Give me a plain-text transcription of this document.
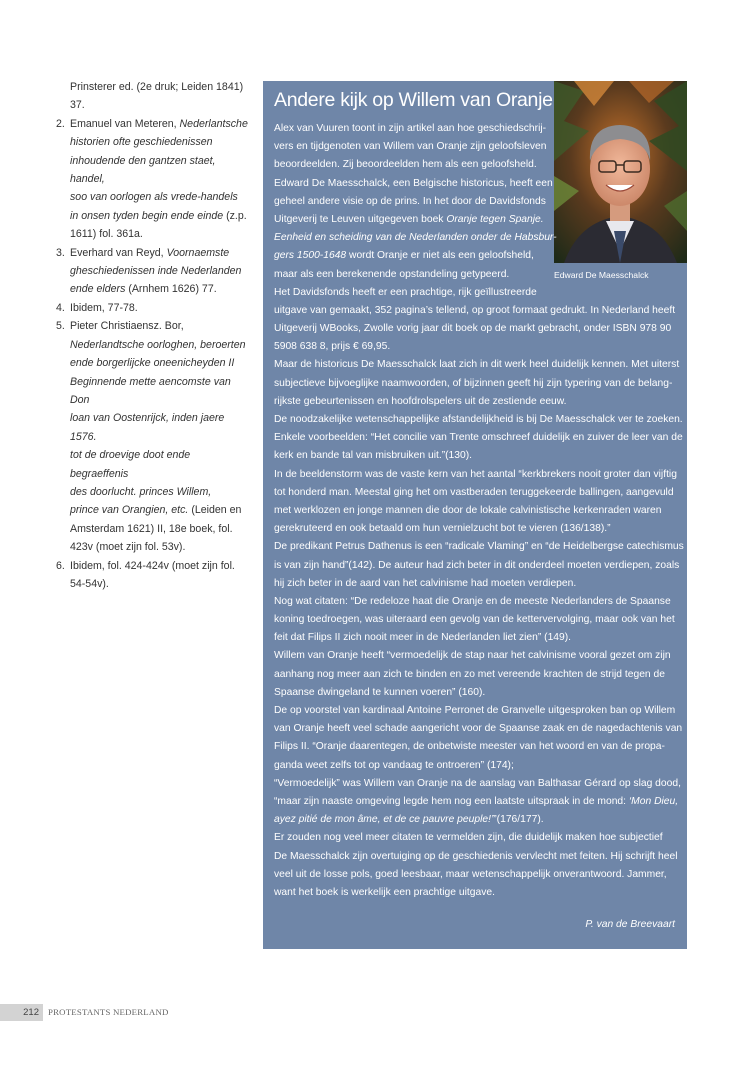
Prinsterer ed. (2e druk; Leiden 1841)
37.
2. Emanuel van Meteren, Nederlantsche
historien ofte geschiedenissen
inhoudende den gantzen staet, handel,
soo van oorlogen als vrede-handels
in onsen tyden begin ende einde (z.p.
1611) fol. 361a.
3. Everhard van Reyd, Voornaemste
gheschiedenissen inde Nederlanden
ende elders (Arnhem 1626) 77.
4. Ibidem, 77-78.
5. Pieter Christiaensz. Bor,
Nederlandtsche oorloghen, beroerten
ende borgerlijcke oneenicheyden II
Beginnende mette aencomste van Don
loan van Oostenrijck, inden jaere 1576.
tot de droevige doot ende begraeffenis
des doorlucht. princes Willem,
prince van Orangien, etc. (Leiden en
Amsterdam 1621) II, 18e boek, fol.
423v (moet zijn fol. 53v).
6. Ibidem, fol. 424-424v (moet zijn fol.
54-54v).
Andere kijk op Willem van Oranje
Edward De Maesschalck
Alex van Vuuren toont in zijn artikel aan hoe geschiedschrij-
vers en tijdgenoten van Willem van Oranje zijn geloofsleven
beoordeelden. Zij beoordeelden hem als een geloofsheld.
Edward De Maesschalck, een Belgische historicus, heeft een
geheel andere visie op de prins. In het door de Davidsfonds
Uitgeverij te Leuven uitgegeven boek Oranje tegen Spanje.
Eenheid en scheiding van de Nederlanden onder de Habsbur-
gers 1500-1648 wordt Oranje er niet als een geloofsheld,
maar als een berekenende opstandeling getypeerd.
Het Davidsfonds heeft er een prachtige, rijk geïllustreerde
uitgave van gemaakt, 352 pagina’s tellend, op groot formaat gedrukt. In Nederland heeft
Uitgeverij WBooks, Zwolle vorig jaar dit boek op de markt gebracht, onder ISBN 978 90
5908 638 8, prijs € 69,95.
Maar de historicus De Maesschalck laat zich in dit werk heel duidelijk kennen. Met uiterst
subjectieve bijvoeglijke naamwoorden, of bijzinnen geeft hij zijn typering van de belang-
rijkste gebeurtenissen en hoofdrolspelers uit de zestiende eeuw.
De noodzakelijke wetenschappelijke afstandelijkheid is bij De Maesschalck ver te zoeken.
Enkele voorbeelden: “Het concilie van Trente omschreef duidelijk en zuiver de leer van de
kerk en bande tal van misbruiken uit.”(130).
In de beeldenstorm was de vaste kern van het aantal “kerkbrekers nooit groter dan vijftig
tot honderd man. Meestal ging het om vastberaden teruggekeerde ballingen, aangevuld
met werklozen en jonge mannen die door de lokale calvinistische kerkenraden waren
gerekruteerd en ook betaald om hun vernielzucht bot te vieren (136/138).”
De predikant Petrus Dathenus is een “radicale Vlaming” en “de Heidelbergse catechismus
is van zijn hand”(142). De auteur had zich beter in dit onderdeel moeten verdiepen, zoals
hij zich beter in de aard van het calvinisme had moeten verdiepen.
Nog wat citaten: “De redeloze haat die Oranje en de meeste Nederlanders de Spaanse
koning toedroegen, was uiteraard een gevolg van de kettervervolging, maar ook van het
feit dat Filips II zich nooit meer in de Nederlanden liet zien” (149).
Willem van Oranje heeft “vermoedelijk de stap naar het calvinisme vooral gezet om zijn
aanhang nog meer aan zich te binden en zo met vereende krachten de strijd tegen de
Spaanse dwingeland te kunnen voeren” (160).
De op voorstel van kardinaal Antoine Perronet de Granvelle uitgesproken ban op Willem
van Oranje heeft veel schade aangericht voor de Spaanse zaak en de nagedachtenis van
Filips II. “Oranje daarentegen, de onbetwiste meester van het woord en van de propa-
ganda weet zelfs tot op vandaag te ontroeren” (174);
“Vermoedelijk” was Willem van Oranje na de aanslag van Balthasar Gérard op slag dood,
“maar zijn naaste omgeving legde hem nog een laatste uitspraak in de mond: ‘Mon Dieu,
ayez pitié de mon âme, et de ce pauvre peuple!’”(176/177).
Er zouden nog veel meer citaten te vermelden zijn, die duidelijk maken hoe subjectief
De Maesschalck zijn overtuiging op de geschiedenis vervlecht met feiten. Hij schrijft heel
veel uit de losse pols, goed leesbaar, maar wetenschappelijk onverantwoord. Jammer,
want het boek is werkelijk een prachtige uitgave.
P. van de Breevaart
212	PROTESTANTS NEDERLAND
